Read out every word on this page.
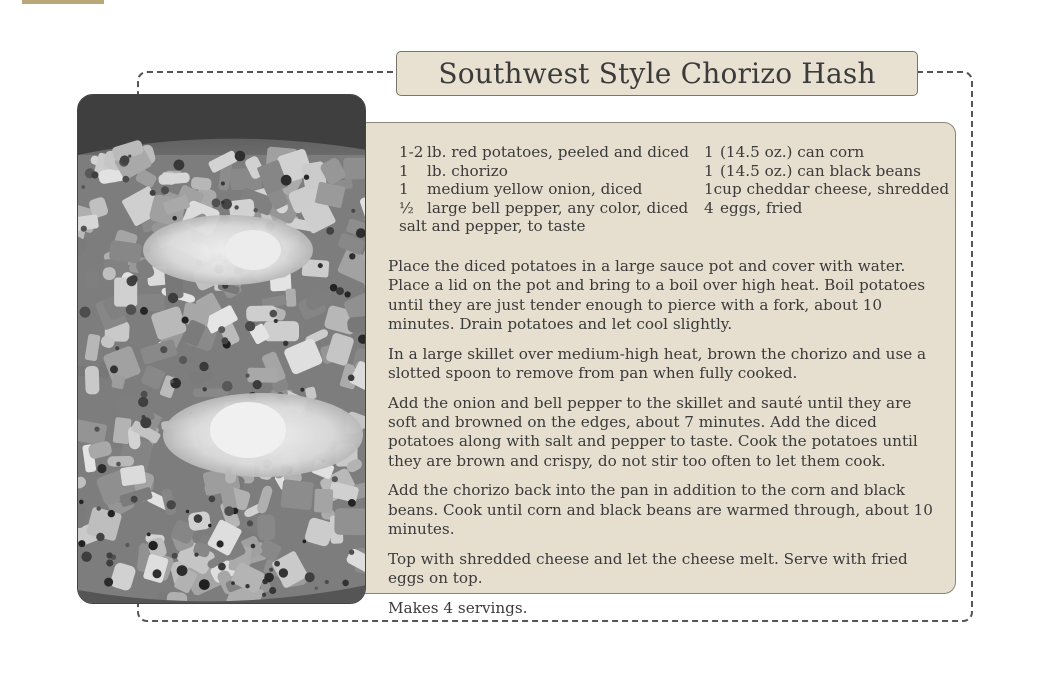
Southwest Style Chorizo Hash
1-2 lb. red potatoes, peeled and diced
1	lb. chorizo
1	medium yellow onion, diced
½ large bell pepper, any color, diced
salt and pepper, to taste
1 (14.5 oz.) can corn
1 (14.5 oz.) can black beans
1 cup cheddar cheese, shredded
4 eggs, fried

Place the diced potatoes in a large sauce pot and cover with water. Place a lid on the pot and bring to a boil over high heat. Boil potatoes until they are just tender enough to pierce with a fork, about 10 minutes. Drain potatoes and let cool slightly.

In a large skillet over medium-high heat, brown the chorizo and use a slotted spoon to remove from pan when fully cooked.

Add the onion and bell pepper to the skillet and sauté until they are soft and browned on the edges, about 7 minutes. Add the diced potatoes along with salt and pepper to taste. Cook the potatoes until they are brown and crispy, do not stir too often to let them cook.

Add the chorizo back into the pan in addition to the corn and black beans. Cook until corn and black beans are warmed through, about 10 minutes.

Top with shredded cheese and let the cheese melt. Serve with fried eggs on top.

Makes 4 servings.
